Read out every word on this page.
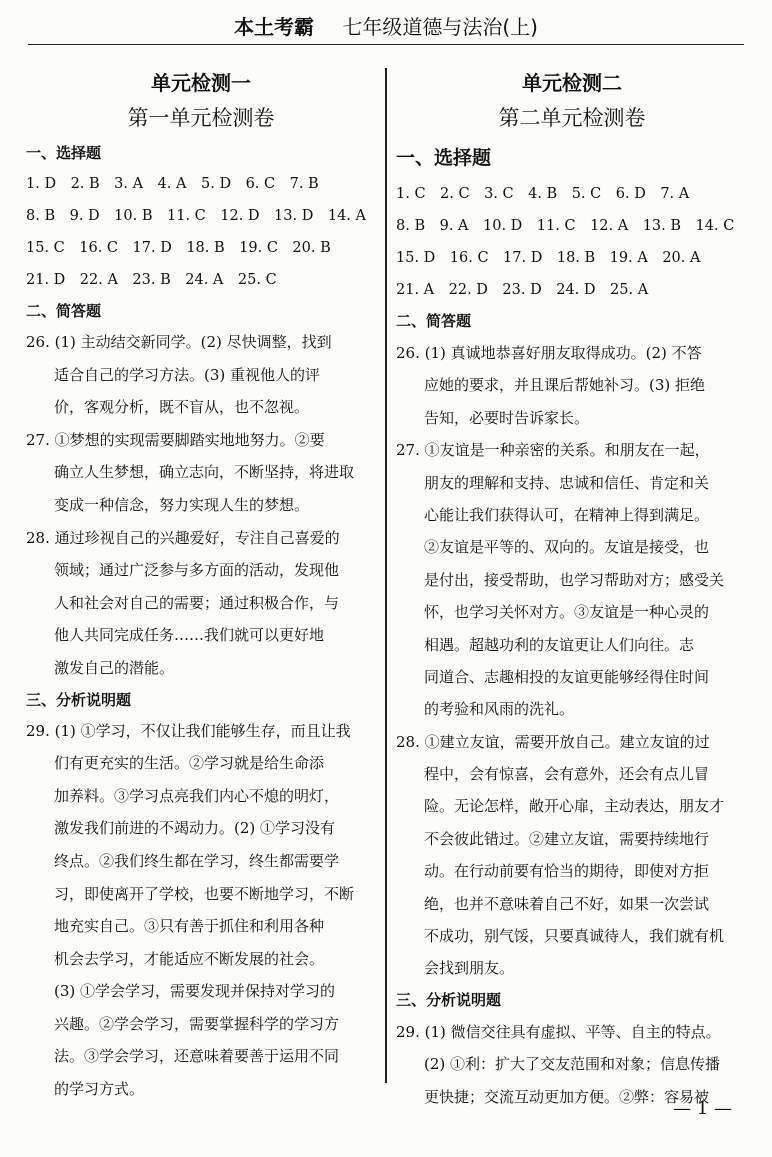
本土考霸 七年级道德与法治(上)
单元检测一
第一单元检测卷
一、选择题
1. D　2. B　3. A　4. A　5. D　6. C　7. B
8. B　9. D　10. B　11. C　12. D　13. D　14. A
15. C　16. C　17. D　18. B　19. C　20. B
21. D　22. A　23. B　24. A　25. C
二、简答题
26. (1) 主动结交新同学。(2) 尽快调整，找到
适合自己的学习方法。(3) 重视他人的评
价，客观分析，既不盲从，也不忽视。
27. ①梦想的实现需要脚踏实地地努力。②要
确立人生梦想，确立志向，不断坚持，将进取
变成一种信念，努力实现人生的梦想。
28. 通过珍视自己的兴趣爱好，专注自己喜爱的
领域；通过广泛参与多方面的活动，发现他
人和社会对自己的需要；通过积极合作，与
他人共同完成任务……我们就可以更好地
激发自己的潜能。
三、分析说明题
29. (1) ①学习，不仅让我们能够生存，而且让我
们有更充实的生活。②学习就是给生命添
加养料。③学习点亮我们内心不熄的明灯，
激发我们前进的不竭动力。(2) ①学习没有
终点。②我们终生都在学习，终生都需要学
习，即使离开了学校，也要不断地学习，不断
地充实自己。③只有善于抓住和利用各种
机会去学习，才能适应不断发展的社会。
(3) ①学会学习，需要发现并保持对学习的
兴趣。②学会学习，需要掌握科学的学习方
法。③学会学习，还意味着要善于运用不同
的学习方式。
单元检测二
第二单元检测卷
一、选择题
1. C　2. C　3. C　4. B　5. C　6. D　7. A
8. B　9. A　10. D　11. C　12. A　13. B　14. C
15. D　16. C　17. D　18. B　19. A　20. A
21. A　22. D　23. D　24. D　25. A
二、简答题
26. (1) 真诚地恭喜好朋友取得成功。(2) 不答
应她的要求，并且课后帮她补习。(3) 拒绝
告知，必要时告诉家长。
27. ①友谊是一种亲密的关系。和朋友在一起，
朋友的理解和支持、忠诚和信任、肯定和关
心能让我们获得认可，在精神上得到满足。
②友谊是平等的、双向的。友谊是接受，也
是付出，接受帮助，也学习帮助对方；感受关
怀，也学习关怀对方。③友谊是一种心灵的
相遇。超越功利的友谊更让人们向往。志
同道合、志趣相投的友谊更能够经得住时间
的考验和风雨的洗礼。
28. ①建立友谊，需要开放自己。建立友谊的过
程中，会有惊喜，会有意外，还会有点儿冒
险。无论怎样，敞开心扉，主动表达，朋友才
不会彼此错过。②建立友谊，需要持续地行
动。在行动前要有恰当的期待，即使对方拒
绝，也并不意味着自己不好，如果一次尝试
不成功，别气馁，只要真诚待人，我们就有机
会找到朋友。
三、分析说明题
29. (1) 微信交往具有虚拟、平等、自主的特点。
(2) ①利：扩大了交友范围和对象；信息传播
更快捷；交流互动更加方便。②弊：容易被
— 1 —
